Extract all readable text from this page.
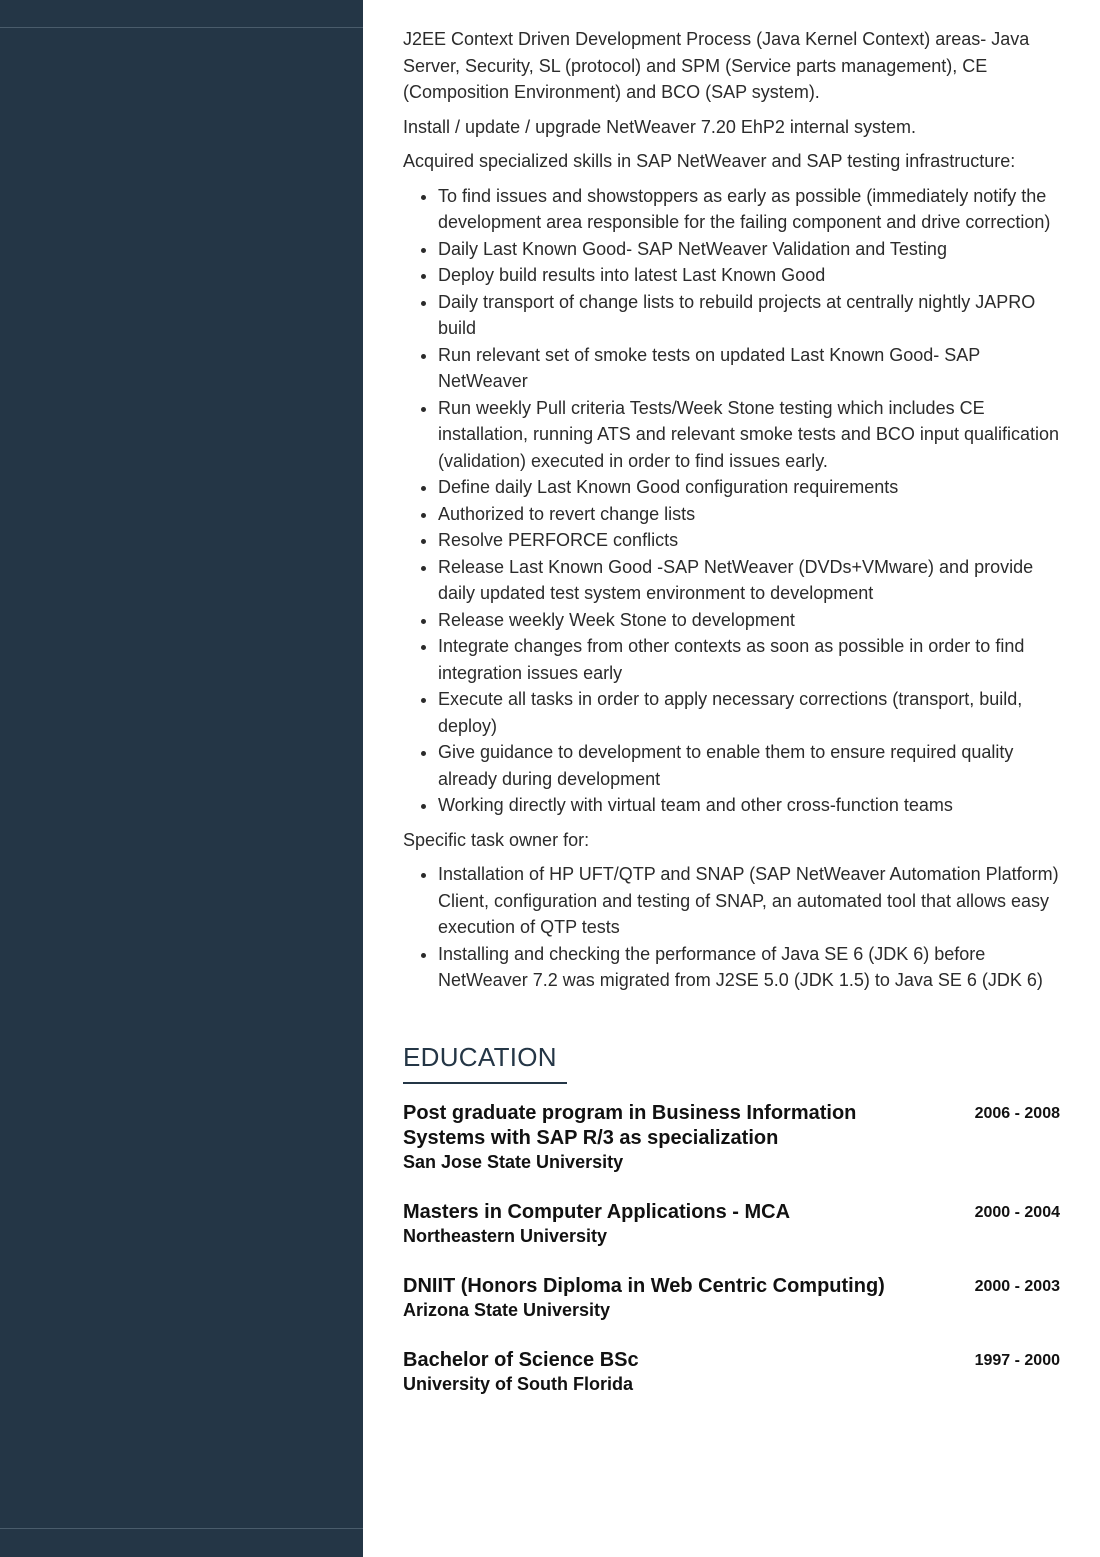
J2EE Context Driven Development Process (Java Kernel Context) areas- Java Server, Security, SL (protocol) and SPM (Service parts management), CE (Composition Environment) and BCO (SAP system).

Install / update / upgrade NetWeaver 7.20 EhP2 internal system.

Acquired specialized skills in SAP NetWeaver and SAP testing infrastructure:

• To find issues and showstoppers as early as possible (immediately notify the development area responsible for the failing component and drive correction)
• Daily Last Known Good- SAP NetWeaver Validation and Testing
• Deploy build results into latest Last Known Good
• Daily transport of change lists to rebuild projects at centrally nightly JAPRO build
• Run relevant set of smoke tests on updated Last Known Good- SAP NetWeaver
• Run weekly Pull criteria Tests/Week Stone testing which includes CE installation, running ATS and relevant smoke tests and BCO input qualification (validation) executed in order to find issues early.
• Define daily Last Known Good configuration requirements
• Authorized to revert change lists
• Resolve PERFORCE conflicts
• Release Last Known Good -SAP NetWeaver (DVDs+VMware) and provide daily updated test system environment to development
• Release weekly Week Stone to development
• Integrate changes from other contexts as soon as possible in order to find integration issues early
• Execute all tasks in order to apply necessary corrections (transport, build, deploy)
• Give guidance to development to enable them to ensure required quality already during development
• Working directly with virtual team and other cross-function teams

Specific task owner for:

• Installation of HP UFT/QTP and SNAP (SAP NetWeaver Automation Platform) Client, configuration and testing of SNAP, an automated tool that allows easy execution of QTP tests
• Installing and checking the performance of Java SE 6 (JDK 6) before NetWeaver 7.2 was migrated from J2SE 5.0 (JDK 1.5) to Java SE 6 (JDK 6)
EDUCATION
Post graduate program in Business Information Systems with SAP R/3 as specialization
San Jose State University
2006 - 2008
Masters in Computer Applications - MCA
Northeastern University
2000 - 2004
DNIIT (Honors Diploma in Web Centric Computing)
Arizona State University
2000 - 2003
Bachelor of Science BSc
University of South Florida
1997 - 2000
